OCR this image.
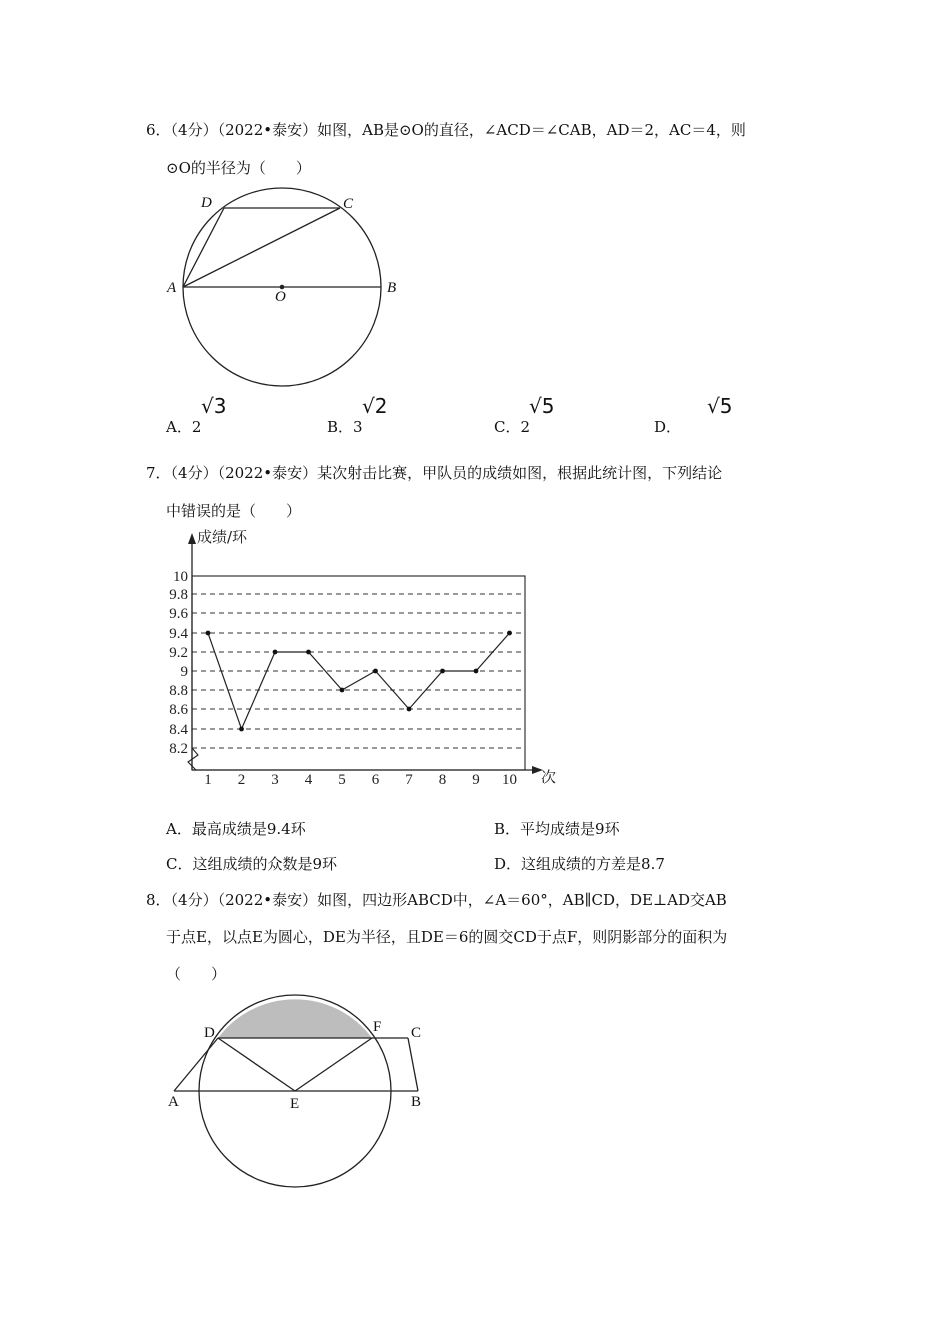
6．（4分）（2022•泰安）如图，AB是⊙O的直径，∠ACD＝∠CAB，AD＝2，AC＝4，则
⊙O的半径为（　　）
D	C
A	B
O
A．2
√3
B．3
√2
C．2
√5
D．
√5
7．（4分）（2022•泰安）某次射击比赛，甲队员的成绩如图，根据此统计图，下列结论
中错误的是（　　）
8.2
8.4
8.6
8.8
9
9.2
9.4
9.6
9.8
10
1 2 3 4 5 6 7 8 9 10
成绩/环
次
A．最高成绩是9.4环	B．平均成绩是9环
C．这组成绩的众数是9环	D．这组成绩的方差是8.7
8．（4分）（2022•泰安）如图，四边形ABCD中，∠A＝60°，AB∥CD，DE⊥AD交AB
于点E，以点E为圆心，DE为半径，且DE＝6的圆交CD于点F，则阴影部分的面积为
（　　）
D	F C
A	E	B
